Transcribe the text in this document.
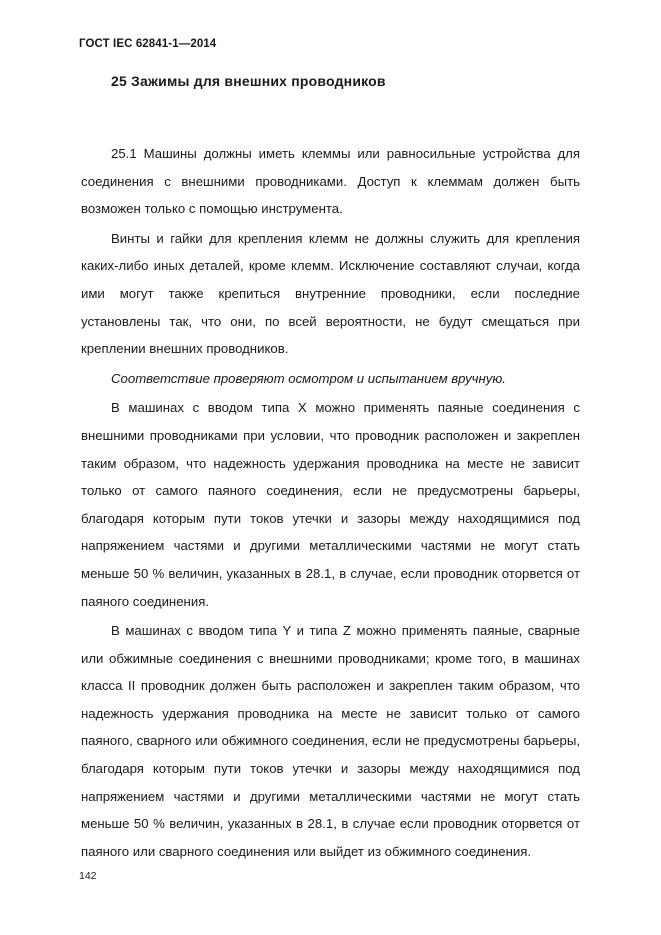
ГОСТ IEC 62841-1—2014
25 Зажимы для внешних проводников

25.1 Машины должны иметь клеммы или равносильные устройства для соединения с внешними проводниками. Доступ к клеммам должен быть возможен только с помощью инструмента.

Винты и гайки для крепления клемм не должны служить для крепления каких-либо иных деталей, кроме клемм. Исключение составляют случаи, когда ими могут также крепиться внутренние проводники, если последние установлены так, что они, по всей вероятности, не будут смещаться при креплении внешних проводников.

Соответствие проверяют осмотром и испытанием вручную.

В машинах с вводом типа X можно применять паяные соединения с внешними проводниками при условии, что проводник расположен и закреплен таким образом, что надежность удержания проводника на месте не зависит только от самого паяного соединения, если не предусмотрены барьеры, благодаря которым пути токов утечки и зазоры между находящимися под напряжением частями и другими металлическими частями не могут стать меньше 50 % величин, указанных в 28.1, в случае, если проводник оторвется от паяного соединения.

В машинах с вводом типа Y и типа Z можно применять паяные, сварные или обжимные соединения с внешними проводниками; кроме того, в машинах класса II проводник должен быть расположен и закреплен таким образом, что надежность удержания проводника на месте не зависит только от самого паяного, сварного или обжимного соединения, если не предусмотрены барьеры, благодаря которым пути токов утечки и зазоры между находящимися под напряжением частями и другими металлическими частями не могут стать меньше 50 % величин, указанных в 28.1, в случае если проводник оторвется от паяного или сварного соединения или выйдет из обжимного соединения.

142
